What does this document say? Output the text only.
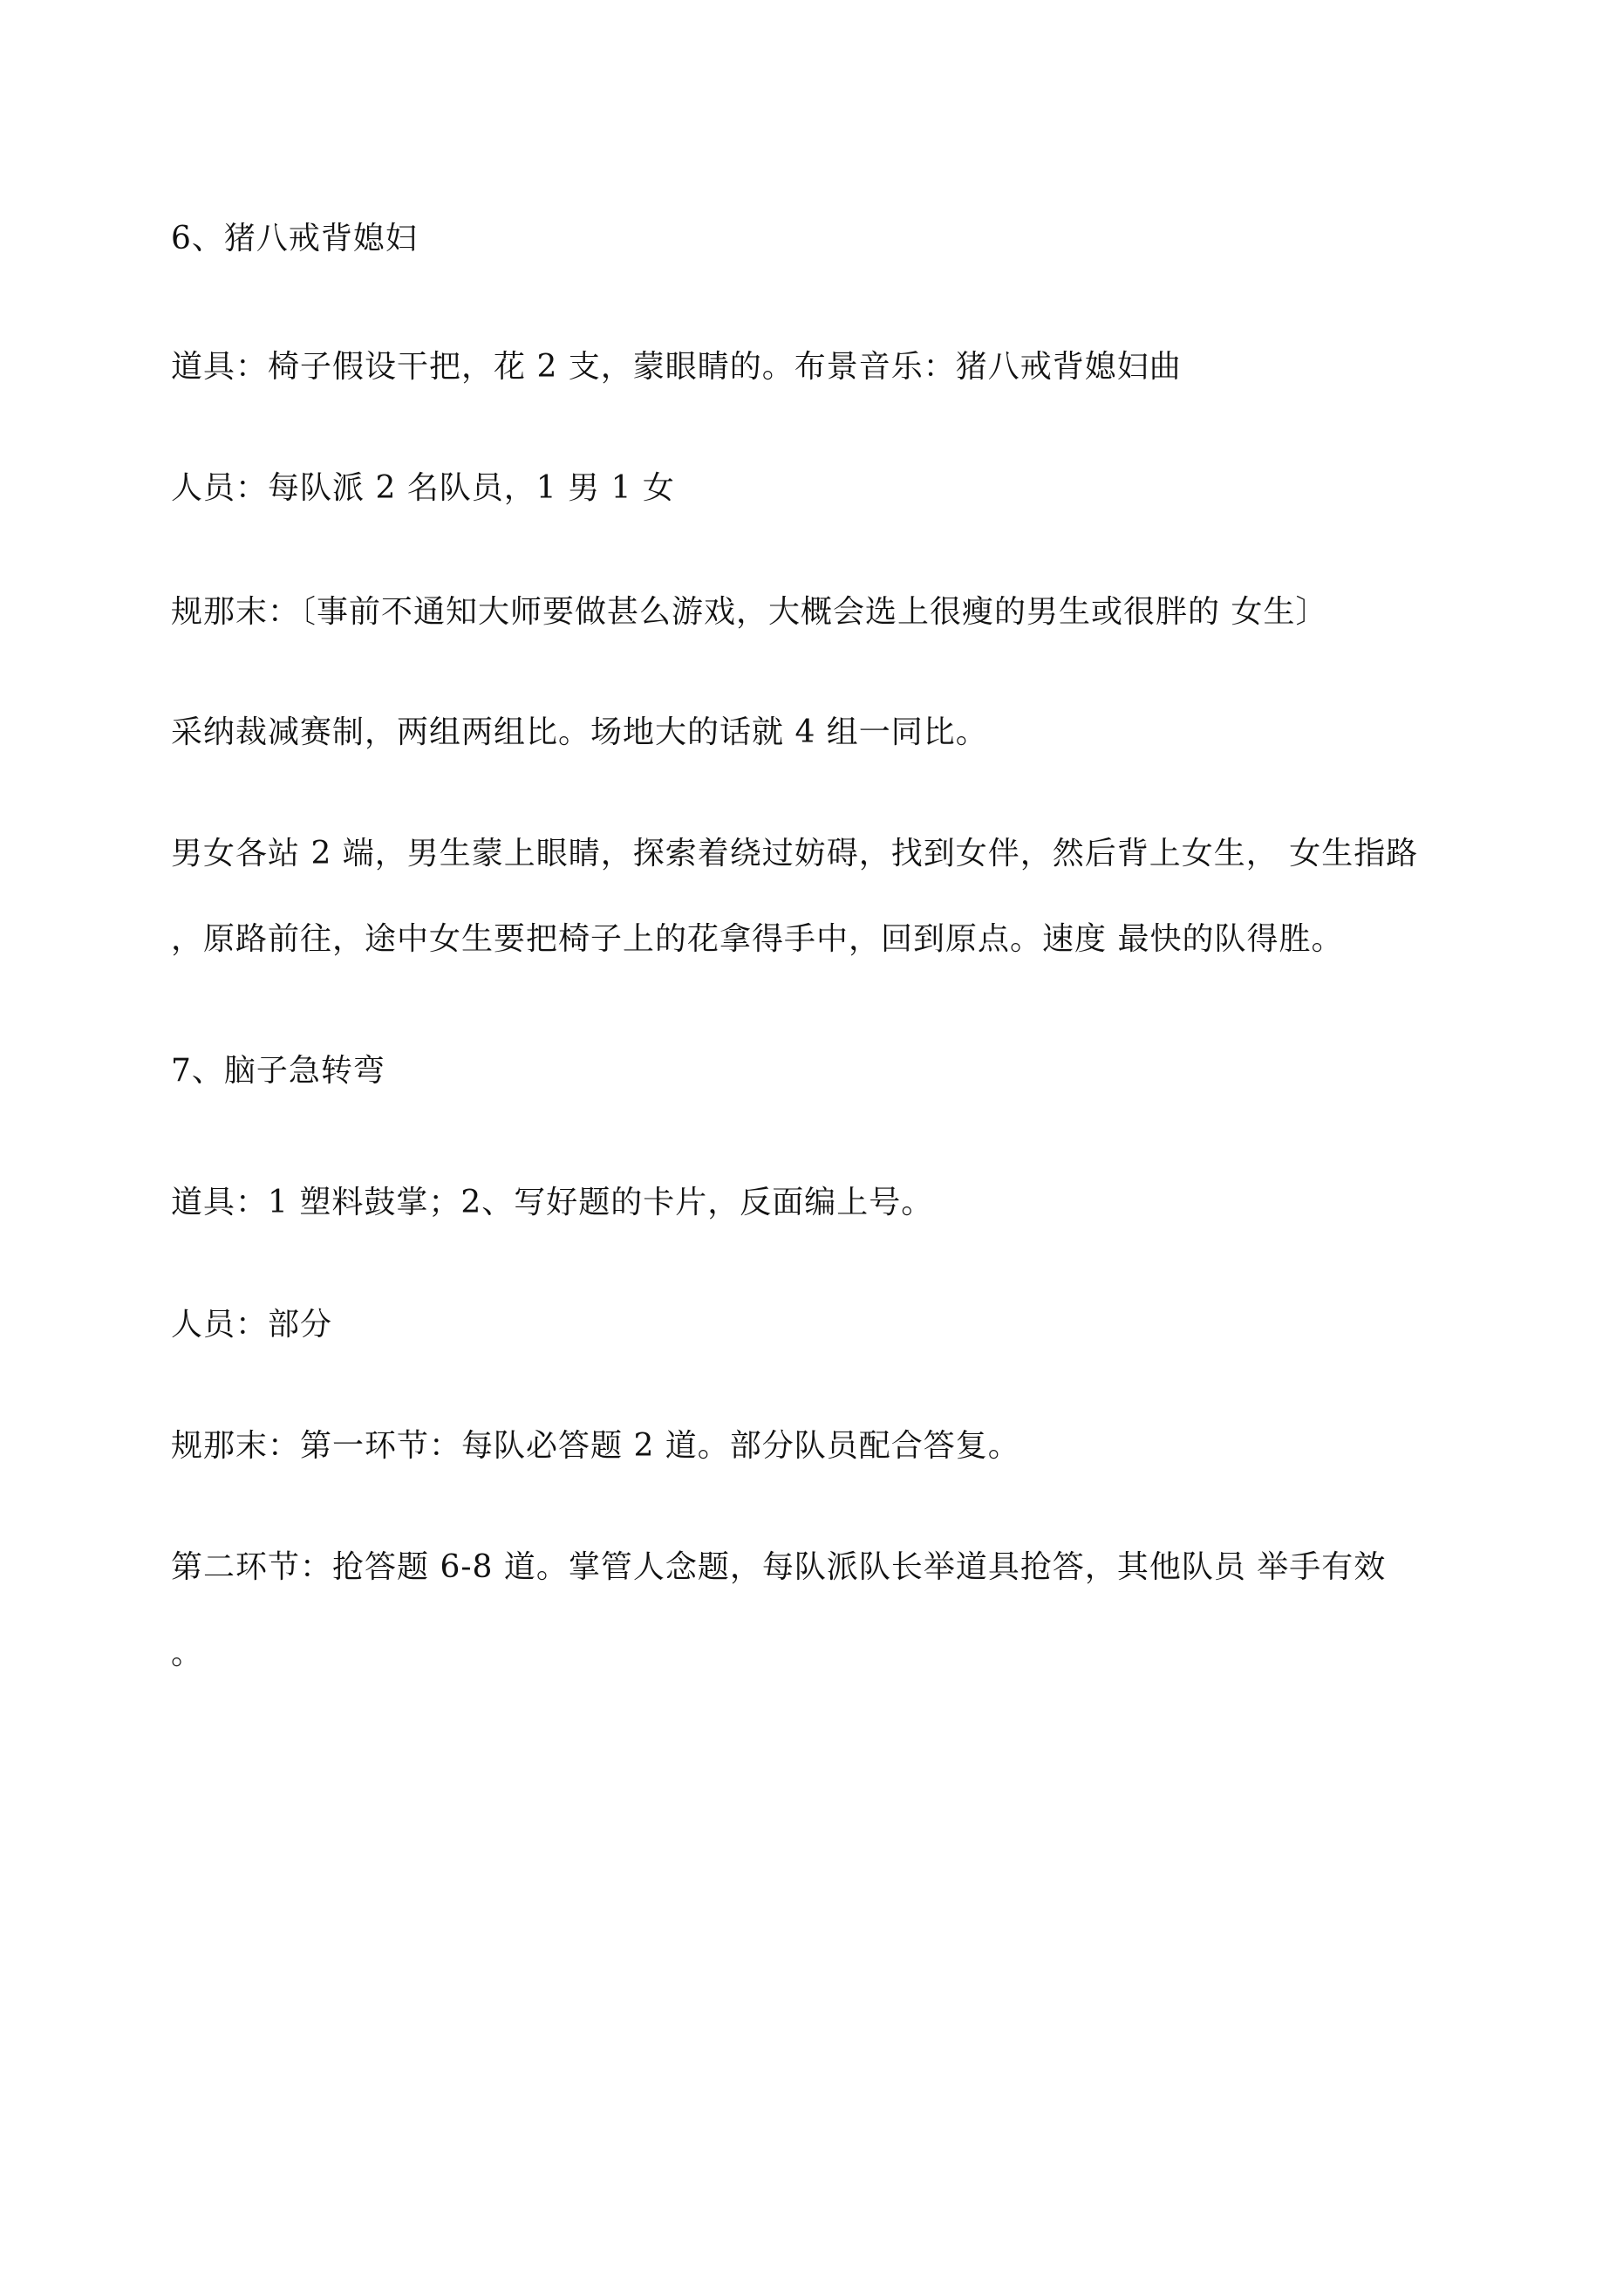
6、猪八戒背媳妇
道具：椅子假设干把，花 2 支，蒙眼睛的。布景音乐：猪八戒背媳妇曲
人员：每队派 2 名队员，1 男 1 女
规那末：〔事前不通知大师要做甚么游戏，大概会选上很瘦的男生或很胖的 女生〕
采纳裁减赛制，两组两组比。场地大的话就 4 组一同比。
男女各站 2 端，男生蒙上眼睛，探索着绕过妨碍，找到女伴，然后背上女生， 女生指路
，原路前往，途中女生要把椅子上的花拿得手中，回到原点。速度 最快的队得胜。
7、脑子急转弯
道具：1 塑料鼓掌；2、写好题的卡片，反面编上号。
人员：部分
规那末：第一环节：每队必答题 2 道。部分队员配合答复。
第二环节：抢答题 6-8 道。掌管人念题，每队派队长举道具抢答，其他队员 举手有效
。
